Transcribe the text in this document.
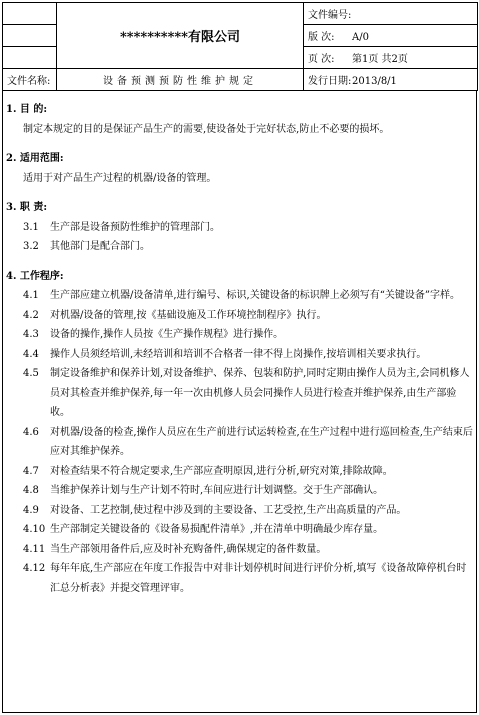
	**********有限公司	文件编号:
		版 次: A/0
		页 次: 第1页 共2页
文件名称:	设备预测预防性维护规定	发行日期:2013/8/1
1. 目 的:
制定本规定的目的是保证产品生产的需要,使设备处于完好状态,防止不必要的损坏。
2. 适用范围:
适用于对产品生产过程的机器/设备的管理。
3. 职 责:
3.1	生产部是设备预防性维护的管理部门。
3.2	其他部门是配合部门。
4. 工作程序:
4.1	生产部应建立机器/设备清单,进行编号、标识,关键设备的标识牌上必须写有“关键设备”字样。
4.2	对机器/设备的管理,按《基础设施及工作环境控制程序》执行。
4.3	设备的操作,操作人员按《生产操作规程》进行操作。
4.4	操作人员须经培训,未经培训和培训不合格者一律不得上岗操作,按培训相关要求执行。
4.5	制定设备维护和保养计划,对设备维护、保养、包装和防护,同时定期由操作人员为主,会同机修人员对其检查并维护保养,每一年一次由机修人员会同操作人员进行检查并维护保养,由生产部验收。
4.6	对机器/设备的检查,操作人员应在生产前进行试运转检查,在生产过程中进行巡回检查,生产结束后应对其维护保养。
4.7	对检查结果不符合规定要求,生产部应查明原因,进行分析,研究对策,排除故障。
4.8	当维护保养计划与生产计划不符时,车间应进行计划调整。交于生产部确认。
4.9	对设备、工艺控制,使过程中涉及到的主要设备、工艺受控,生产出高质量的产品。
4.10 生产部制定关键设备的《设备易损配件清单》,并在清单中明确最少库存量。
4.11 当生产部领用备件后,应及时补充购备件,确保规定的备件数量。
4.12 每年年底,生产部应在年度工作报告中对非计划停机时间进行评价分析,填写《设备故障停机台时汇总分析表》并提交管理评审。
